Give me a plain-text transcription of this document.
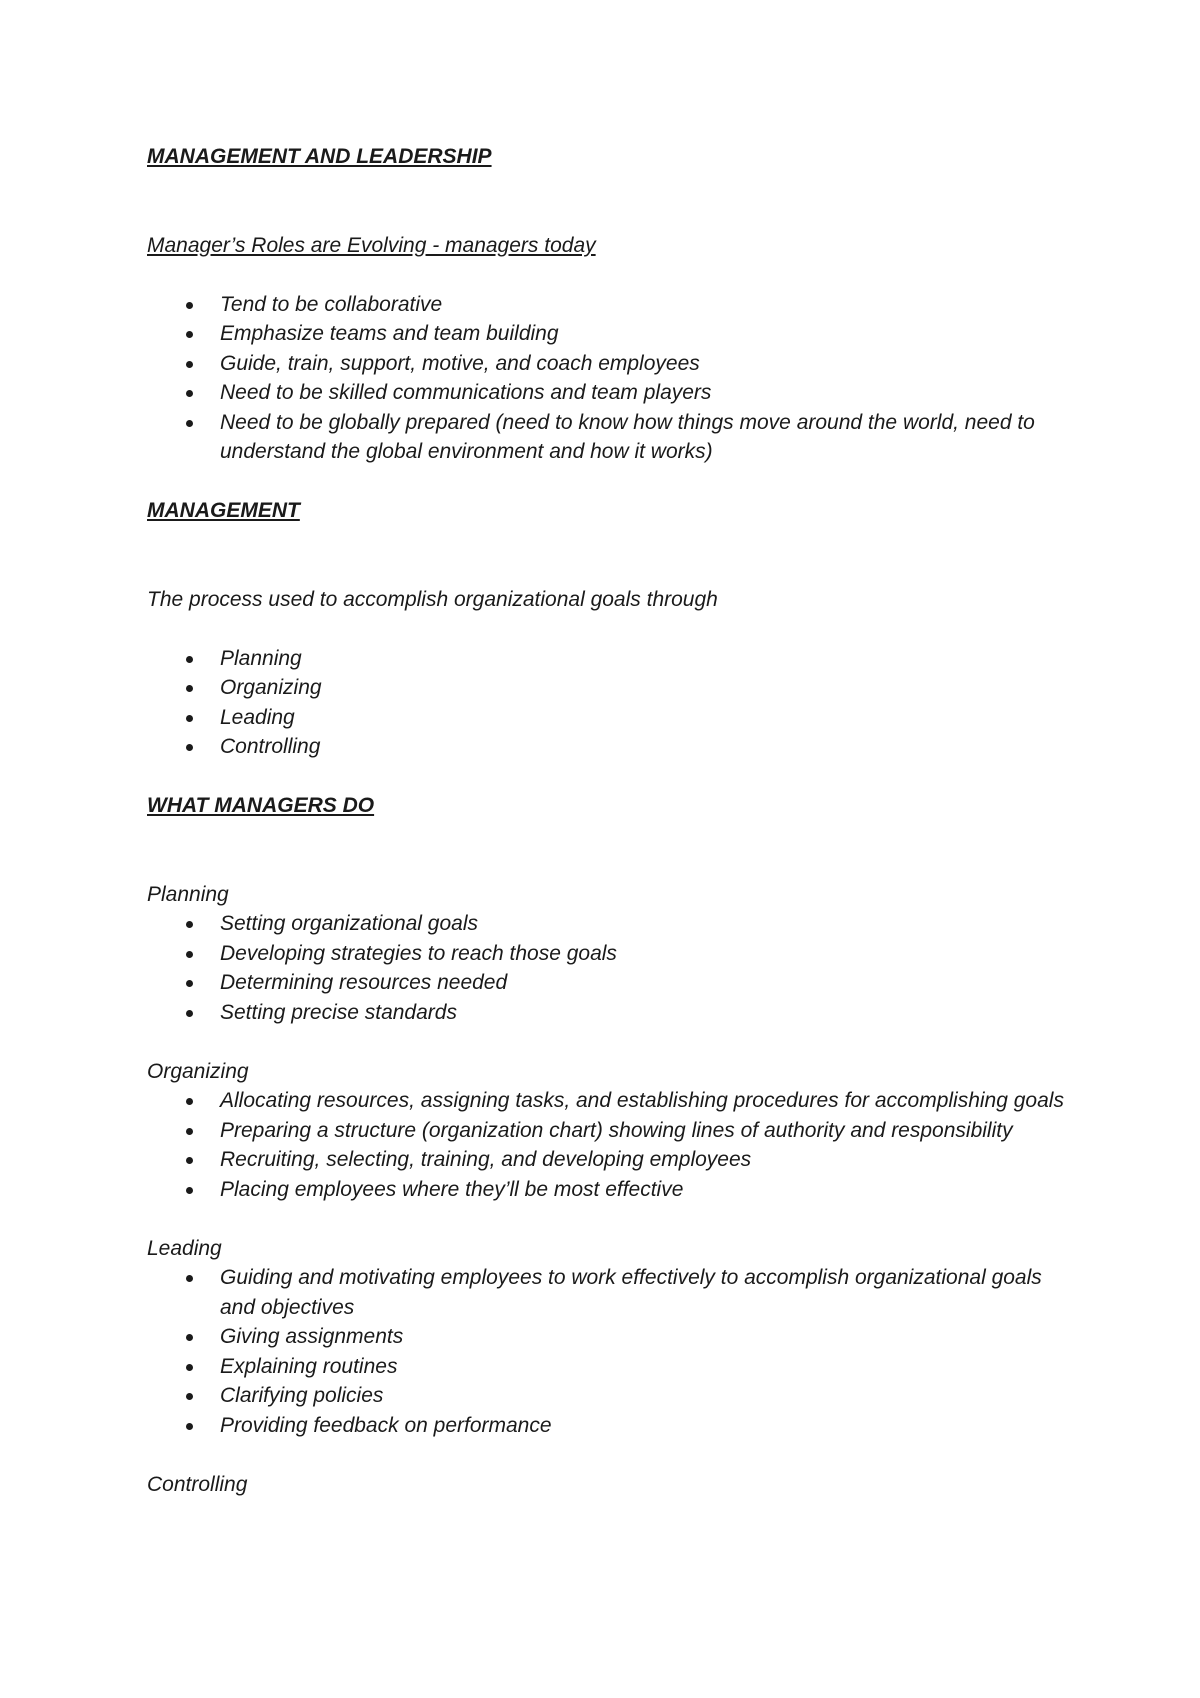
MANAGEMENT AND LEADERSHIP

Manager’s Roles are Evolving - managers today

Tend to be collaborative
Emphasize teams and team building
Guide, train, support, motive, and coach employees
Need to be skilled communications and team players
Need to be globally prepared (need to know how things move around the world, need to understand the global environment and how it works)
MANAGEMENT

The process used to accomplish organizational goals through

Planning
Organizing
Leading
Controlling
WHAT MANAGERS DO

Planning

Setting organizational goals
Developing strategies to reach those goals
Determining resources needed
Setting precise standards

Organizing

Allocating resources, assigning tasks, and establishing procedures for accomplishing goals
Preparing a structure (organization chart) showing lines of authority and responsibility
Recruiting, selecting, training, and developing employees
Placing employees where they’ll be most effective

Leading

Guiding and motivating employees to work effectively to accomplish organizational goals and objectives
Giving assignments
Explaining routines
Clarifying policies
Providing feedback on performance

Controlling
